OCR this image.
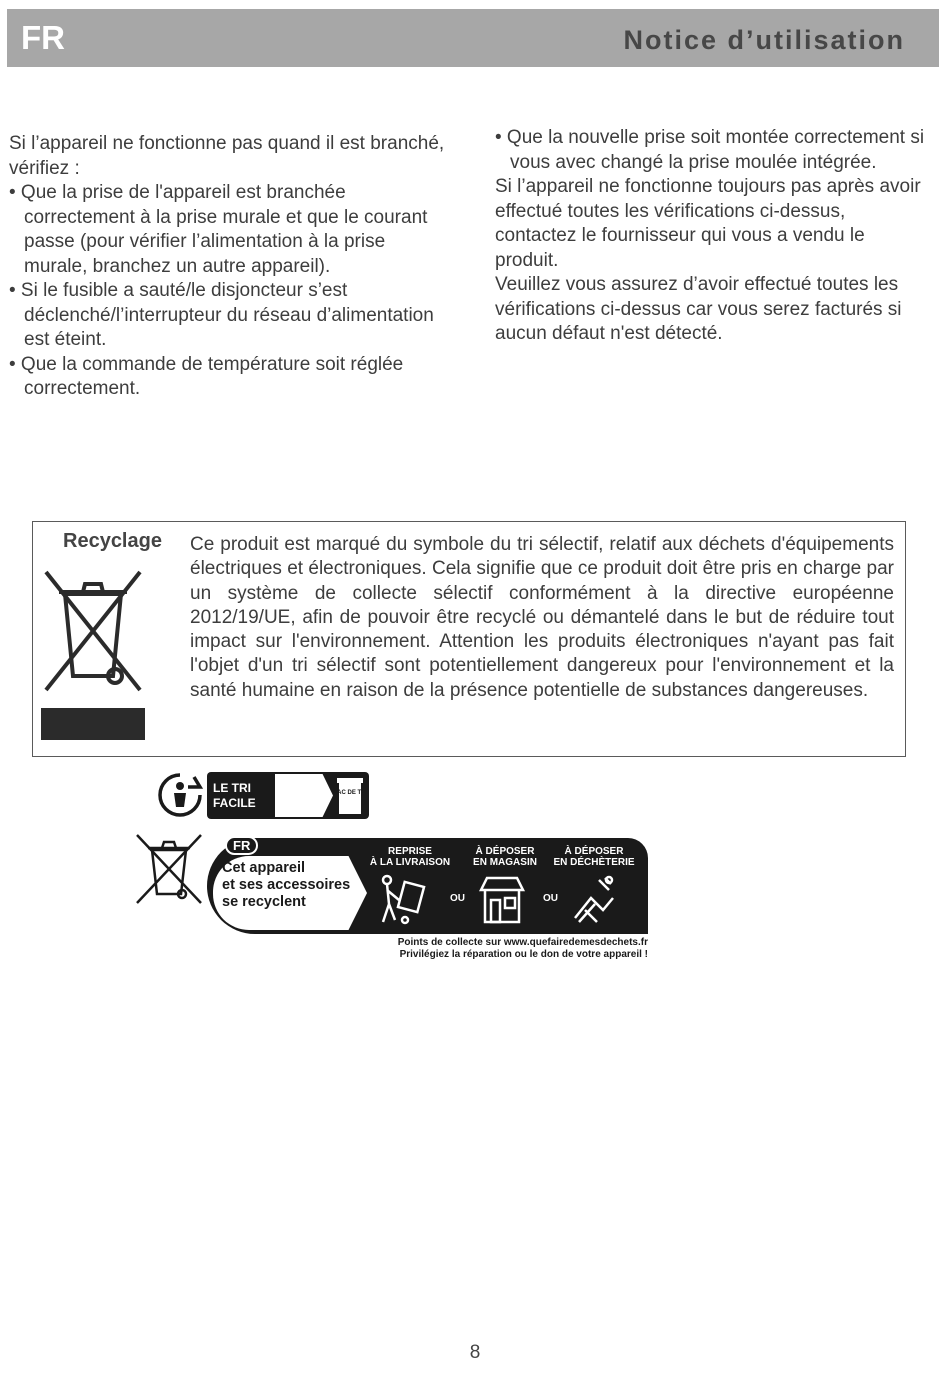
FR	Notice d’utilisation

Si l’appareil ne fonctionne pas quand il est branché, vérifiez :

• Que la prise de l'appareil est branchée correctement à la prise murale et que le courant passe (pour vérifier l’alimentation à la prise murale, branchez un autre appareil).

• Si le fusible a sauté/le disjoncteur s’est déclenché/l’interrupteur du réseau d’alimentation est éteint.

• Que la commande de température soit réglée correctement.

• Que la nouvelle prise soit montée correctement si vous avec changé la prise moulée intégrée.

Si l’appareil ne fonctionne toujours pas après avoir effectué toutes les vérifications ci-dessus, contactez le fournisseur qui vous a vendu le produit.

Veuillez vous assurez d’avoir effectué toutes les vérifications ci-dessus car vous serez facturés si aucun défaut n'est détecté.

Recyclage Ce produit est marqué du symbole du tri sélectif, relatif aux déchets d'équipements électriques et électroniques. Cela signifie que ce produit doit être pris en charge par un système de collecte sélectif conformément à la directive européenne 2012/19/UE, afin de pouvoir être recyclé ou démantelé dans le but de réduire tout impact sur l'environnement. Attention les produits électroniques n'ayant pas fait l'objet d'un tri sélectif sont potentiellement dangereux pour l'environnement et la santé humaine en raison de la présence potentielle de substances dangereuses.
LE TRI
FACILE
BAC DE TRI
FR
Cet appareil
et ses accessoires
se recyclent
REPRISE
À LA LIVRAISON
À DÉPOSER
EN MAGASIN
À DÉPOSER
EN DÉCHÈTERIE
OU	OU
Points de collecte sur www.quefairedemesdechets.fr
Privilégiez la réparation ou le don de votre appareil !
8
